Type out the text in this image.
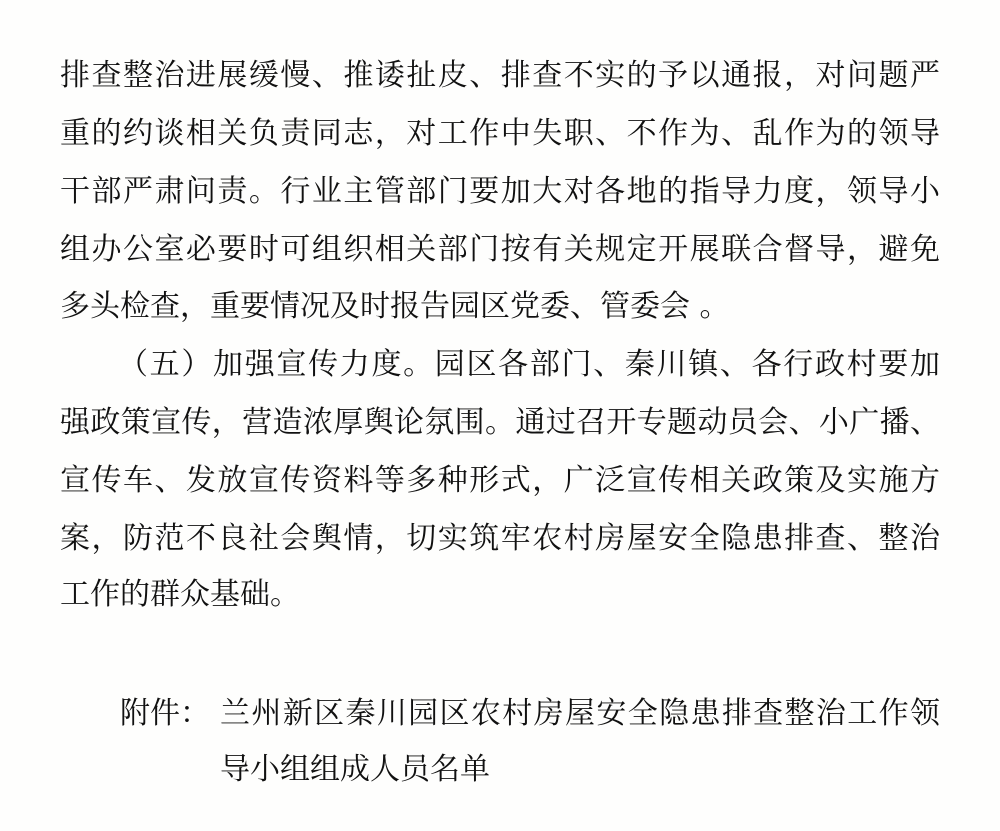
排查整治进展缓慢、推诿扯皮、排查不实的予以通报，对问题严
重的约谈相关负责同志，对工作中失职、不作为、乱作为的领导
干部严肃问责。行业主管部门要加大对各地的指导力度，领导小
组办公室必要时可组织相关部门按有关规定开展联合督导，避免
多头检查，重要情况及时报告园区党委、管委会 。
（五）加强宣传力度。园区各部门、秦川镇、各行政村要加
强政策宣传，营造浓厚舆论氛围。通过召开专题动员会、小广播、
宣传车、发放宣传资料等多种形式，广泛宣传相关政策及实施方
案，防范不良社会舆情，切实筑牢农村房屋安全隐患排查、整治
工作的群众基础。
附件： 兰州新区秦川园区农村房屋安全隐患排查整治工作领
导小组组成人员名单
